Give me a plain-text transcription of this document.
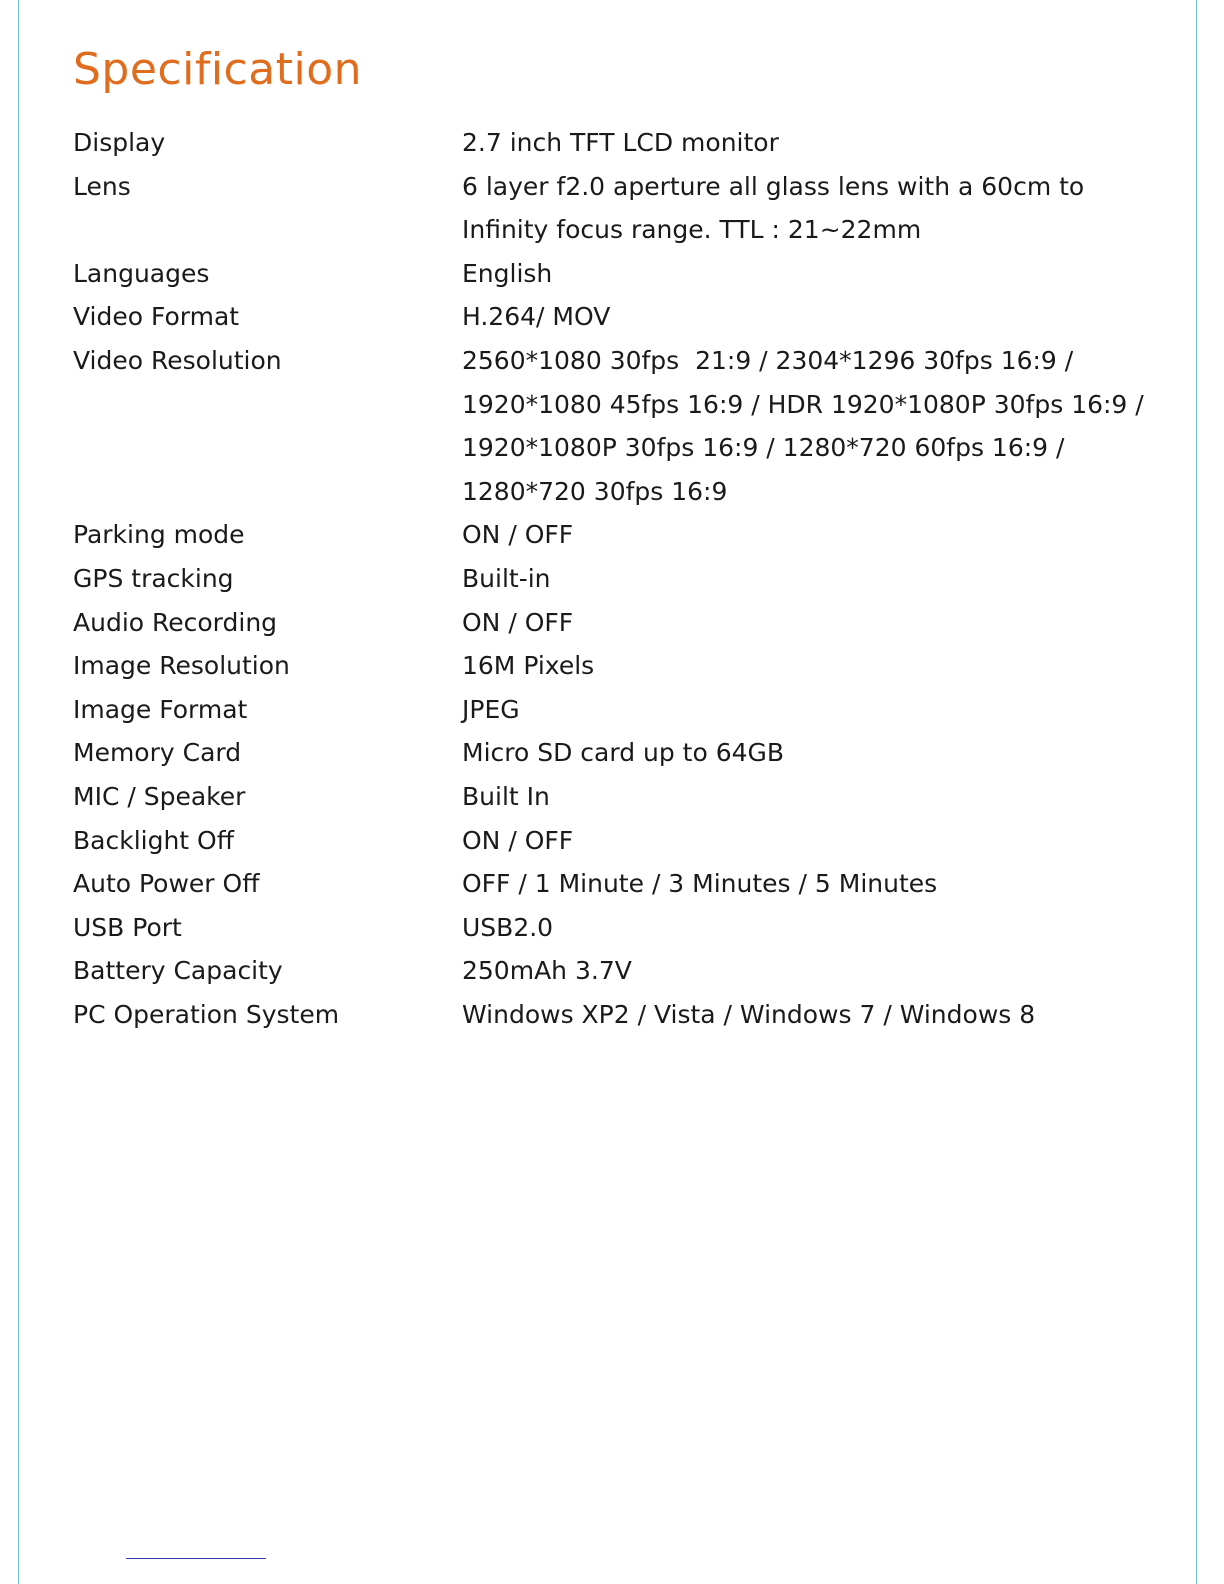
Specification
Display	2.7 inch TFT LCD monitor
Lens	6 layer f2.0 aperture all glass lens with a 60cm to
Infinity focus range. TTL : 21~22mm
Languages	English
Video Format	H.264/ MOV
Video Resolution	2560*1080 30fps  21:9 / 2304*1296 30fps 16:9 /
1920*1080 45fps 16:9 / HDR 1920*1080P 30fps 16:9 /
1920*1080P 30fps 16:9 / 1280*720 60fps 16:9 /
1280*720 30fps 16:9
Parking mode	ON / OFF
GPS tracking	Built-in
Audio Recording	ON / OFF
Image Resolution	16M Pixels
Image Format	JPEG
Memory Card	Micro SD card up to 64GB
MIC / Speaker	Built In
Backlight Off	ON / OFF
Auto Power Off	OFF / 1 Minute / 3 Minutes / 5 Minutes
USB Port	USB2.0
Battery Capacity	250mAh 3.7V
PC Operation System	Windows XP2 / Vista / Windows 7 / Windows 8
